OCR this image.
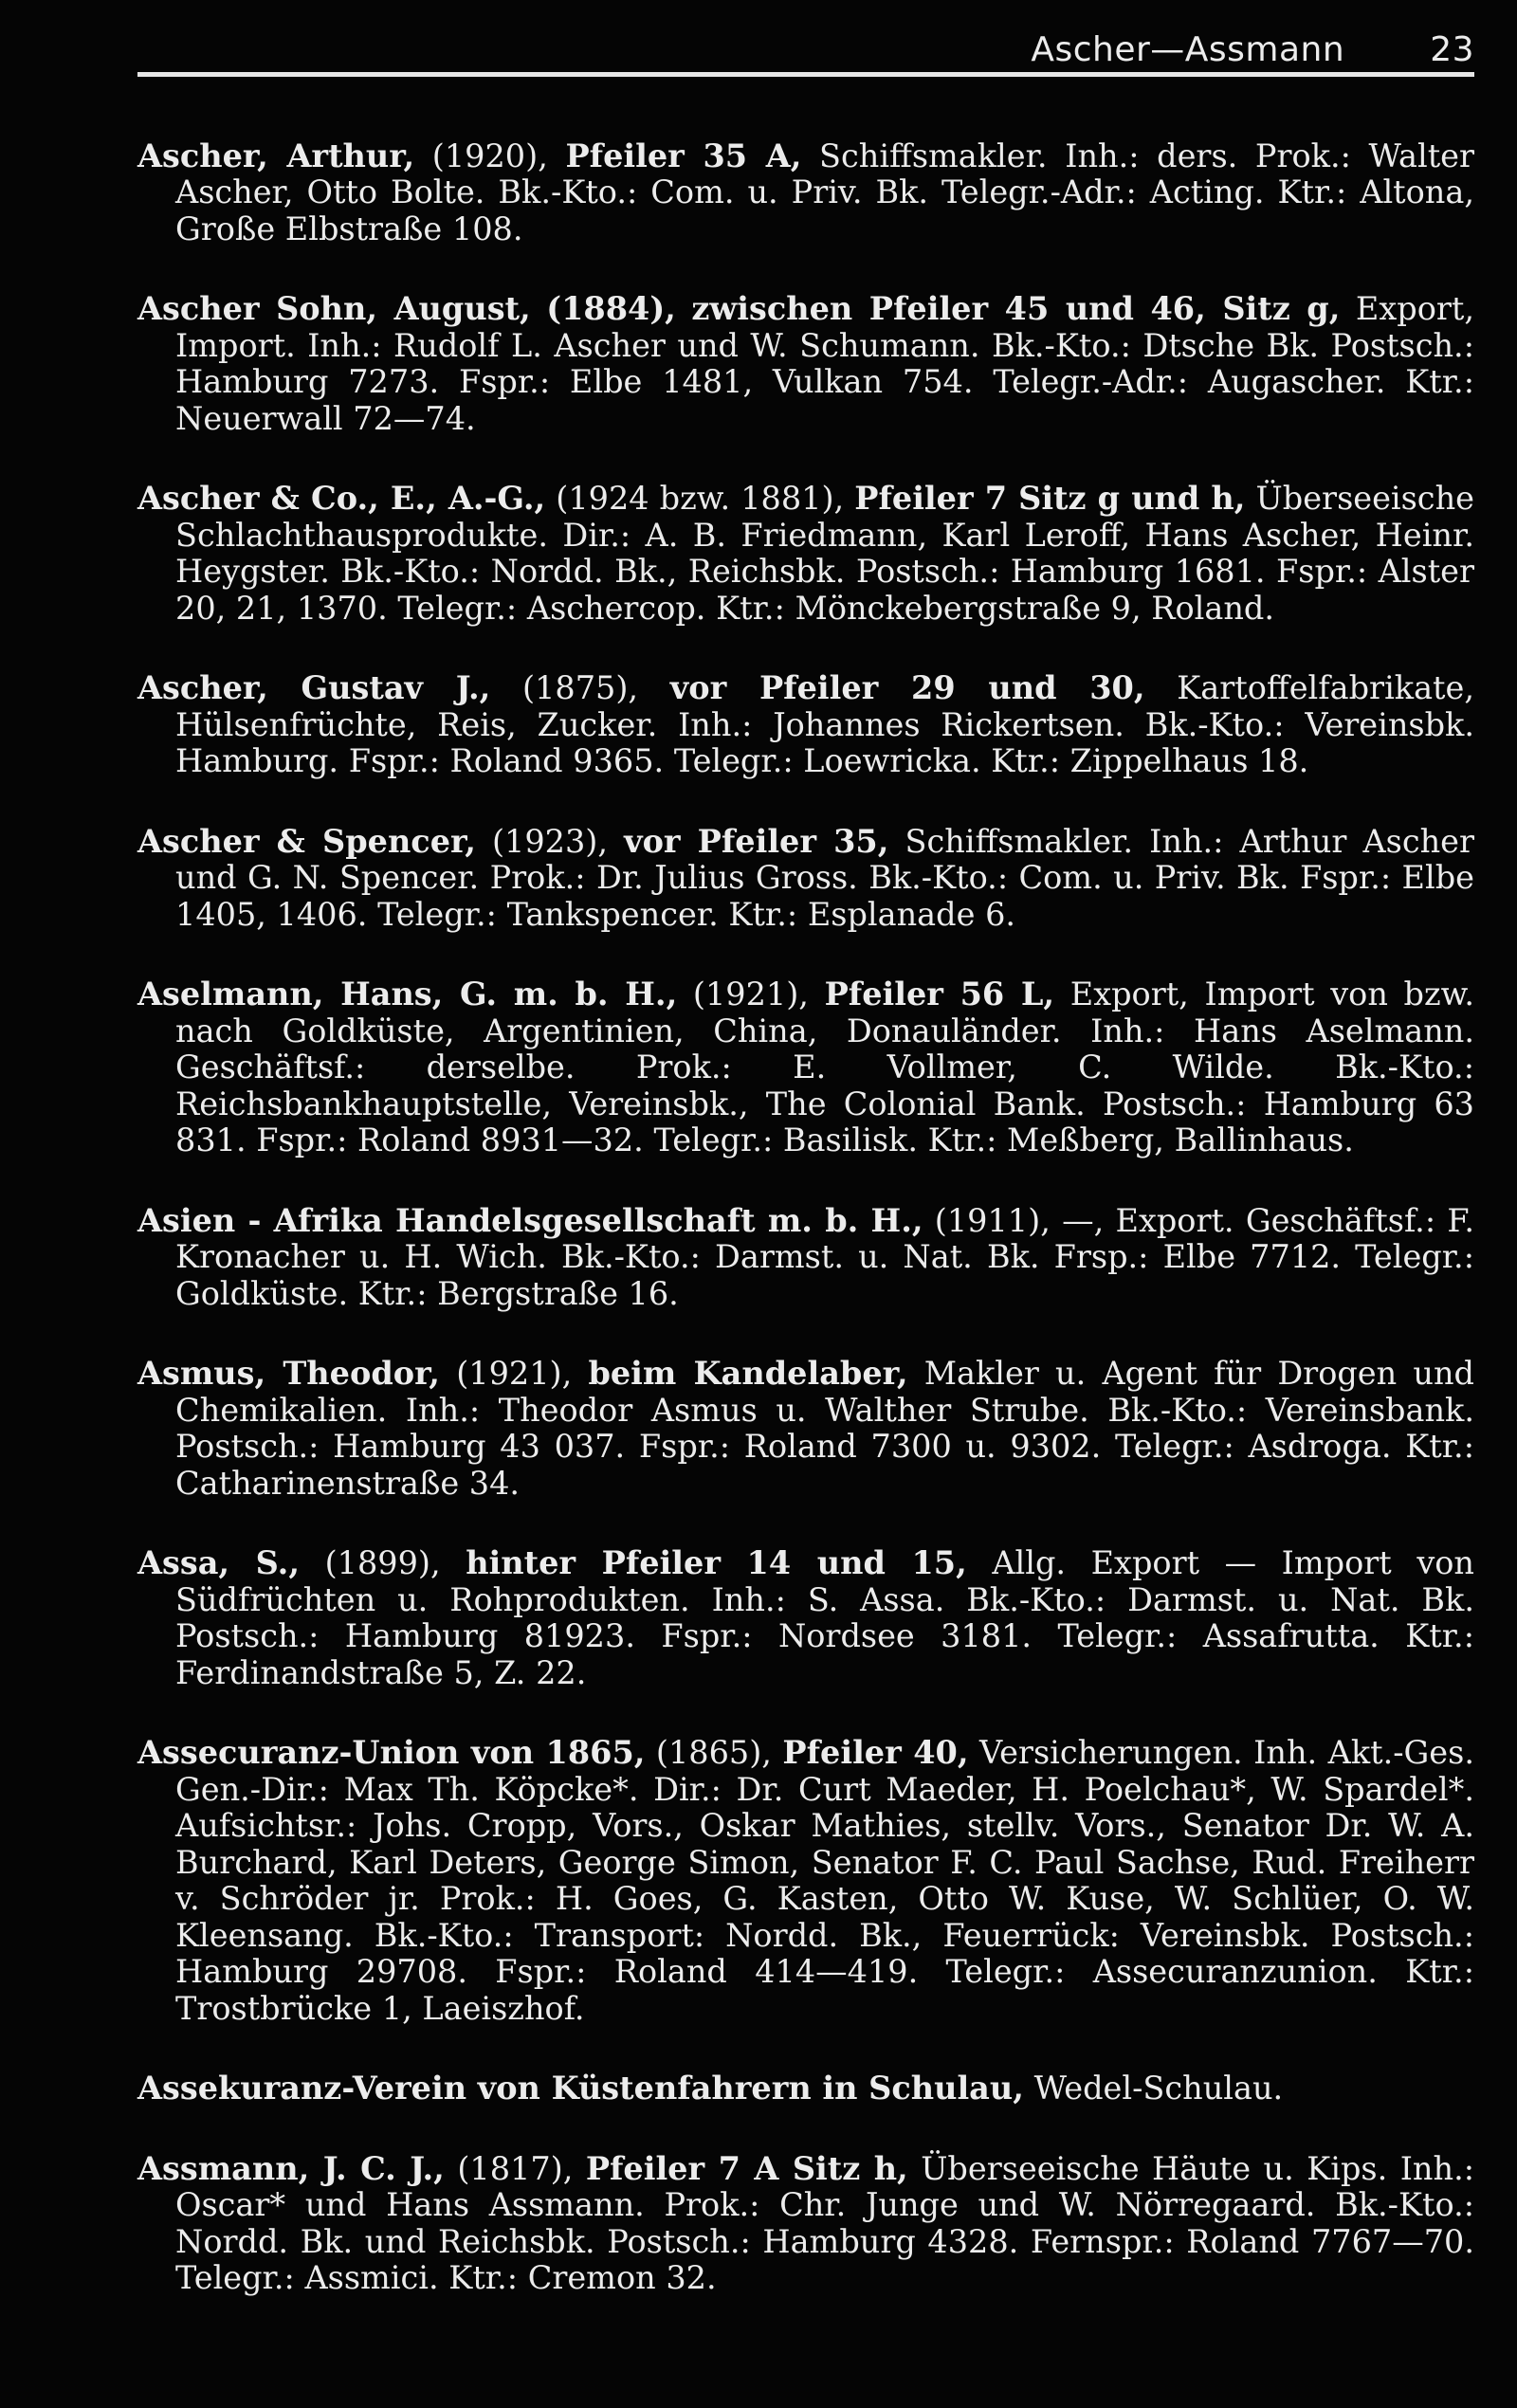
Ascher—Assmann	23

Ascher, Arthur, (1920), Pfeiler 35 A, Schiffsmakler. Inh.: ders. Prok.: Walter Ascher, Otto Bolte. Bk.-Kto.: Com. u. Priv. Bk. Telegr.-Adr.: Acting. Ktr.: Altona, Große Elbstraße 108.

Ascher Sohn, August, (1884), zwischen Pfeiler 45 und 46, Sitz g, Export, Import. Inh.: Rudolf L. Ascher und W. Schumann. Bk.-Kto.: Dtsche Bk. Postsch.: Hamburg 7273. Fspr.: Elbe 1481, Vulkan 754. Telegr.-Adr.: Augascher. Ktr.: Neuerwall 72—74.

Ascher & Co., E., A.-G., (1924 bzw. 1881), Pfeiler 7 Sitz g und h, Überseeische Schlachthausprodukte. Dir.: A. B. Friedmann, Karl Leroff, Hans Ascher, Heinr. Heygster. Bk.-Kto.: Nordd. Bk., Reichsbk. Postsch.: Hamburg 1681. Fspr.: Alster 20, 21, 1370. Telegr.: Aschercop. Ktr.: Mönckebergstraße 9, Roland.

Ascher, Gustav J., (1875), vor Pfeiler 29 und 30, Kartoffelfabrikate, Hülsenfrüchte, Reis, Zucker. Inh.: Johannes Rickertsen. Bk.-Kto.: Vereinsbk. Hamburg. Fspr.: Roland 9365. Telegr.: Loewricka. Ktr.: Zippelhaus 18.

Ascher & Spencer, (1923), vor Pfeiler 35, Schiffsmakler. Inh.: Arthur Ascher und G. N. Spencer. Prok.: Dr. Julius Gross. Bk.-Kto.: Com. u. Priv. Bk. Fspr.: Elbe 1405, 1406. Telegr.: Tankspencer. Ktr.: Esplanade 6.

Aselmann, Hans, G. m. b. H., (1921), Pfeiler 56 L, Export, Import von bzw. nach Goldküste, Argentinien, China, Donauländer. Inh.: Hans Aselmann. Geschäftsf.: derselbe. Prok.: E. Vollmer, C. Wilde. Bk.-Kto.: Reichsbankhauptstelle, Vereinsbk., The Colonial Bank. Postsch.: Hamburg 63 831. Fspr.: Roland 8931—32. Telegr.: Basilisk. Ktr.: Meßberg, Ballinhaus.

Asien - Afrika Handelsgesellschaft m. b. H., (1911), —, Export. Geschäftsf.: F. Kronacher u. H. Wich. Bk.-Kto.: Darmst. u. Nat. Bk. Frsp.: Elbe 7712. Telegr.: Goldküste. Ktr.: Bergstraße 16.

Asmus, Theodor, (1921), beim Kandelaber, Makler u. Agent für Drogen und Chemikalien. Inh.: Theodor Asmus u. Walther Strube. Bk.-Kto.: Vereinsbank. Postsch.: Hamburg 43 037. Fspr.: Roland 7300 u. 9302. Telegr.: Asdroga. Ktr.: Catharinenstraße 34.

Assa, S., (1899), hinter Pfeiler 14 und 15, Allg. Export — Import von Südfrüchten u. Rohprodukten. Inh.: S. Assa. Bk.-Kto.: Darmst. u. Nat. Bk. Postsch.: Hamburg 81923. Fspr.: Nordsee 3181. Telegr.: Assafrutta. Ktr.: Ferdinandstraße 5, Z. 22.

Assecuranz-Union von 1865, (1865), Pfeiler 40, Versicherungen. Inh. Akt.-Ges. Gen.-Dir.: Max Th. Köpcke*. Dir.: Dr. Curt Maeder, H. Poelchau*, W. Spardel*. Aufsichtsr.: Johs. Cropp, Vors., Oskar Mathies, stellv. Vors., Senator Dr. W. A. Burchard, Karl Deters, George Simon, Senator F. C. Paul Sachse, Rud. Freiherr v. Schröder jr. Prok.: H. Goes, G. Kasten, Otto W. Kuse, W. Schlüer, O. W. Kleensang. Bk.-Kto.: Transport: Nordd. Bk., Feuerrück: Vereinsbk. Postsch.: Hamburg 29708. Fspr.: Roland 414—419. Telegr.: Assecuranzunion. Ktr.: Trostbrücke 1, Laeiszhof.

Assekuranz-Verein von Küstenfahrern in Schulau, Wedel-Schulau.

Assmann, J. C. J., (1817), Pfeiler 7 A Sitz h, Überseeische Häute u. Kips. Inh.: Oscar* und Hans Assmann. Prok.: Chr. Junge und W. Nörregaard. Bk.-Kto.: Nordd. Bk. und Reichsbk. Postsch.: Hamburg 4328. Fernspr.: Roland 7767—70. Telegr.: Assmici. Ktr.: Cremon 32.
